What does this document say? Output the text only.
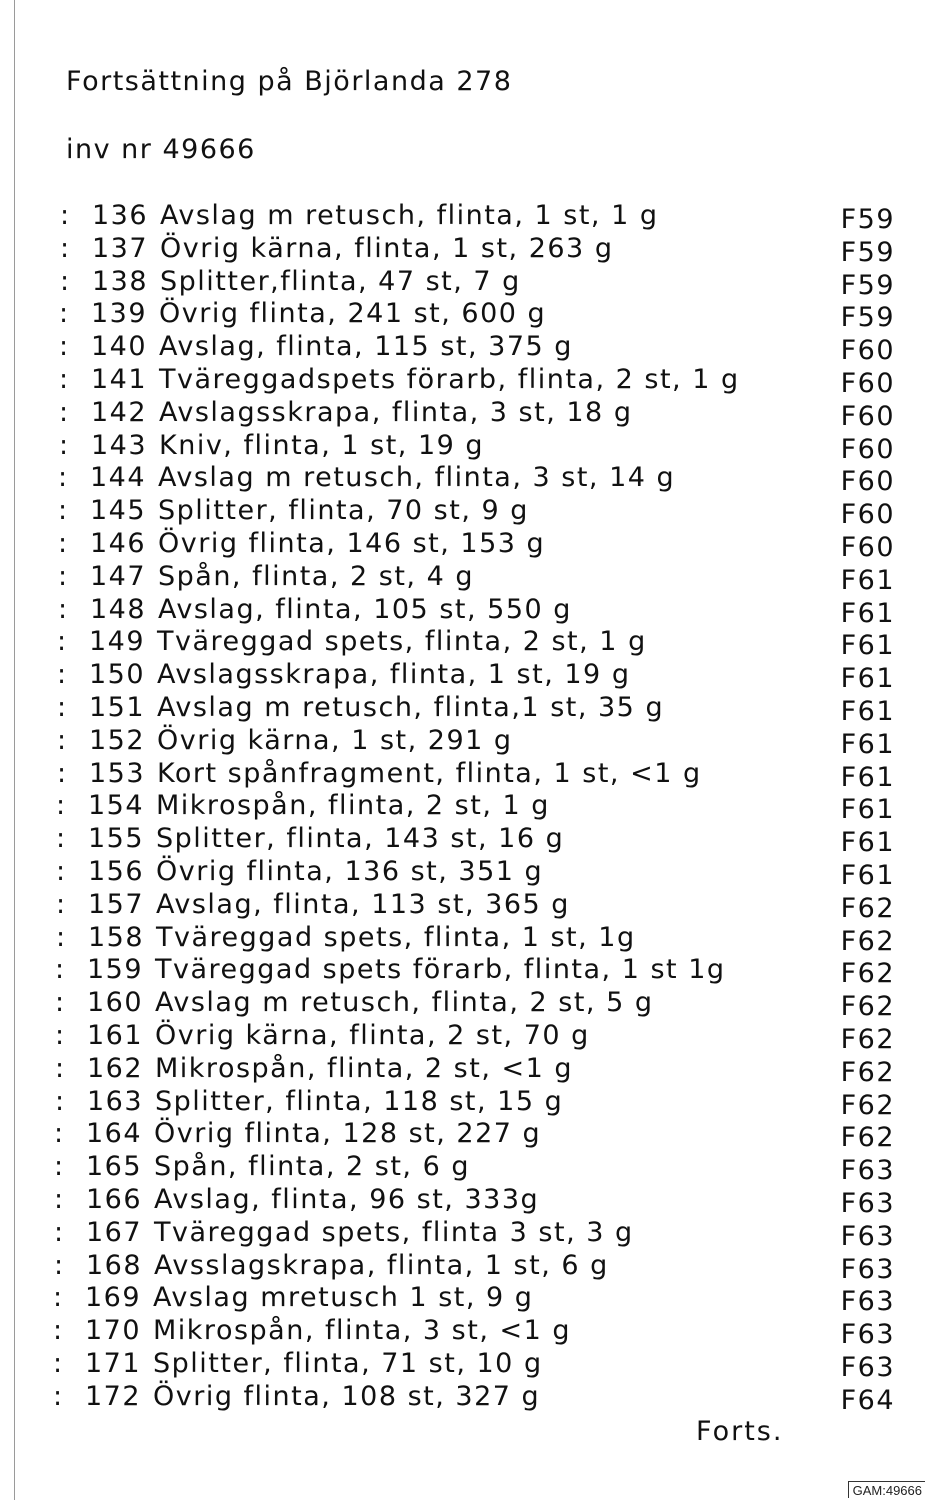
Fortsättning på Björlanda 278
inv nr 49666
: 136 Avslag m retusch, flinta, 1 st, 1 g	F59
: 137 Övrig kärna, flinta, 1 st, 263 g	F59
: 138 Splitter,flinta, 47 st, 7 g	F59
: 139 Övrig flinta, 241 st, 600 g	F59
: 140 Avslag, flinta, 115 st, 375 g	F60
: 141 Tväreggadspets förarb, flinta, 2 st, 1 g	F60
: 142 Avslagsskrapa, flinta, 3 st, 18 g	F60
: 143 Kniv, flinta, 1 st, 19 g	F60
: 144 Avslag m retusch, flinta, 3 st, 14 g	F60
: 145 Splitter, flinta, 70 st, 9 g	F60
: 146 Övrig flinta, 146 st, 153 g	F60
: 147 Spån, flinta, 2 st, 4 g	F61
: 148 Avslag, flinta, 105 st, 550 g	F61
: 149 Tväreggad spets, flinta, 2 st, 1 g	F61
: 150 Avslagsskrapa, flinta, 1 st, 19 g	F61
: 151 Avslag m retusch, flinta,1 st, 35 g	F61
: 152 Övrig kärna, 1 st, 291 g	F61
: 153 Kort spånfragment, flinta, 1 st, <1 g	F61
: 154 Mikrospån, flinta, 2 st, 1 g	F61
: 155 Splitter, flinta, 143 st, 16 g	F61
: 156 Övrig flinta, 136 st, 351 g	F61
: 157 Avslag, flinta, 113 st, 365 g	F62
: 158 Tväreggad spets, flinta, 1 st, 1g	F62
: 159 Tväreggad spets förarb, flinta, 1 st 1g	F62
: 160 Avslag m retusch, flinta, 2 st, 5 g	F62
: 161 Övrig kärna, flinta, 2 st, 70 g	F62
: 162 Mikrospån, flinta, 2 st, <1 g	F62
: 163 Splitter, flinta, 118 st, 15 g	F62
: 164 Övrig flinta, 128 st, 227 g	F62
: 165 Spån, flinta, 2 st, 6 g	F63
: 166 Avslag, flinta, 96 st, 333g	F63
: 167 Tväreggad spets, flinta 3 st, 3 g	F63
: 168 Avsslagskrapa, flinta, 1 st, 6 g	F63
: 169 Avslag mretusch 1 st, 9 g	F63
: 170 Mikrospån, flinta, 3 st, <1 g	F63
: 171 Splitter, flinta, 71 st, 10 g	F63
: 172 Övrig flinta, 108 st, 327 g	F64
Forts.
GAM:49666
